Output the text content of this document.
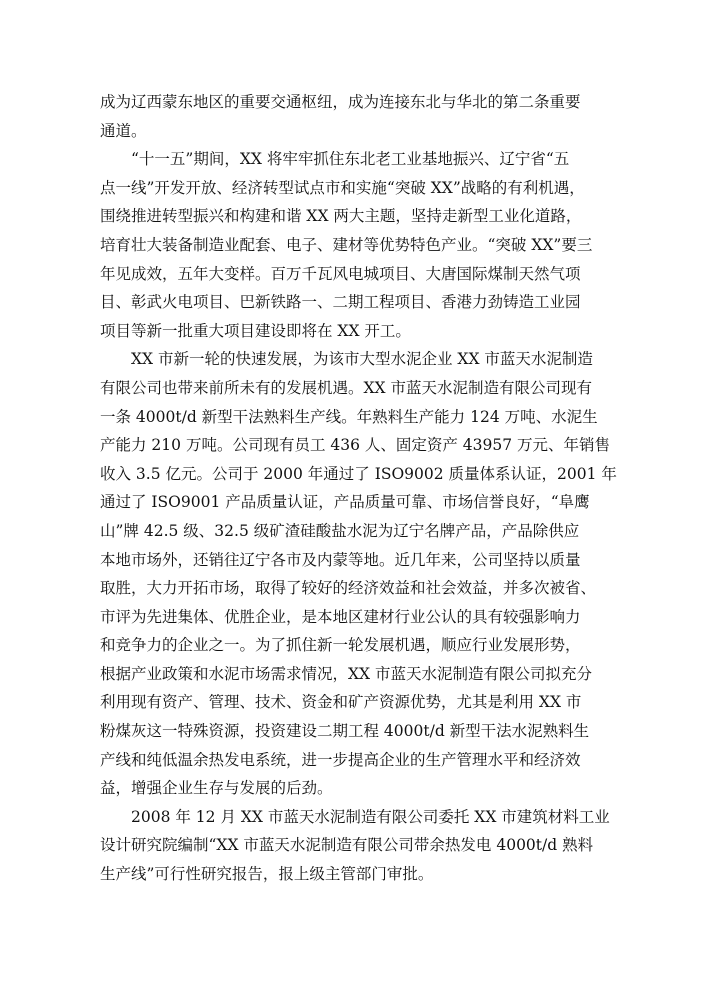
成为辽西蒙东地区的重要交通枢纽，成为连接东北与华北的第二条重要
通道。

“十一五”期间，XX 将牢牢抓住东北老工业基地振兴、辽宁省“五
点一线”开发开放、经济转型试点市和实施“突破 XX”战略的有利机遇，
围绕推进转型振兴和构建和谐 XX 两大主题，坚持走新型工业化道路，
培育壮大装备制造业配套、电子、建材等优势特色产业。“突破 XX”要三
年见成效，五年大变样。百万千瓦风电城项目、大唐国际煤制天然气项
目、彰武火电项目、巴新铁路一、二期工程项目、香港力劲铸造工业园
项目等新一批重大项目建设即将在 XX 开工。

XX 市新一轮的快速发展，为该市大型水泥企业 XX 市蓝天水泥制造
有限公司也带来前所未有的发展机遇。XX 市蓝天水泥制造有限公司现有
一条 4000t/d 新型干法熟料生产线。年熟料生产能力 124 万吨、水泥生
产能力 210 万吨。公司现有员工 436 人、固定资产 43957 万元、年销售
收入 3.5 亿元。公司于 2000 年通过了 ISO9002 质量体系认证，2001 年
通过了 ISO9001 产品质量认证，产品质量可靠、市场信誉良好，“阜鹰
山”牌 42.5 级、32.5 级矿渣硅酸盐水泥为辽宁名牌产品，产品除供应
本地市场外，还销往辽宁各市及内蒙等地。近几年来，公司坚持以质量
取胜，大力开拓市场，取得了较好的经济效益和社会效益，并多次被省、
市评为先进集体、优胜企业，是本地区建材行业公认的具有较强影响力
和竞争力的企业之一。为了抓住新一轮发展机遇，顺应行业发展形势，
根据产业政策和水泥市场需求情况，XX 市蓝天水泥制造有限公司拟充分
利用现有资产、管理、技术、资金和矿产资源优势，尤其是利用 XX 市
粉煤灰这一特殊资源，投资建设二期工程 4000t/d 新型干法水泥熟料生
产线和纯低温余热发电系统，进一步提高企业的生产管理水平和经济效
益，增强企业生存与发展的后劲。

2008 年 12 月 XX 市蓝天水泥制造有限公司委托 XX 市建筑材料工业
设计研究院编制“XX 市蓝天水泥制造有限公司带余热发电 4000t/d 熟料
生产线”可行性研究报告，报上级主管部门审批。
